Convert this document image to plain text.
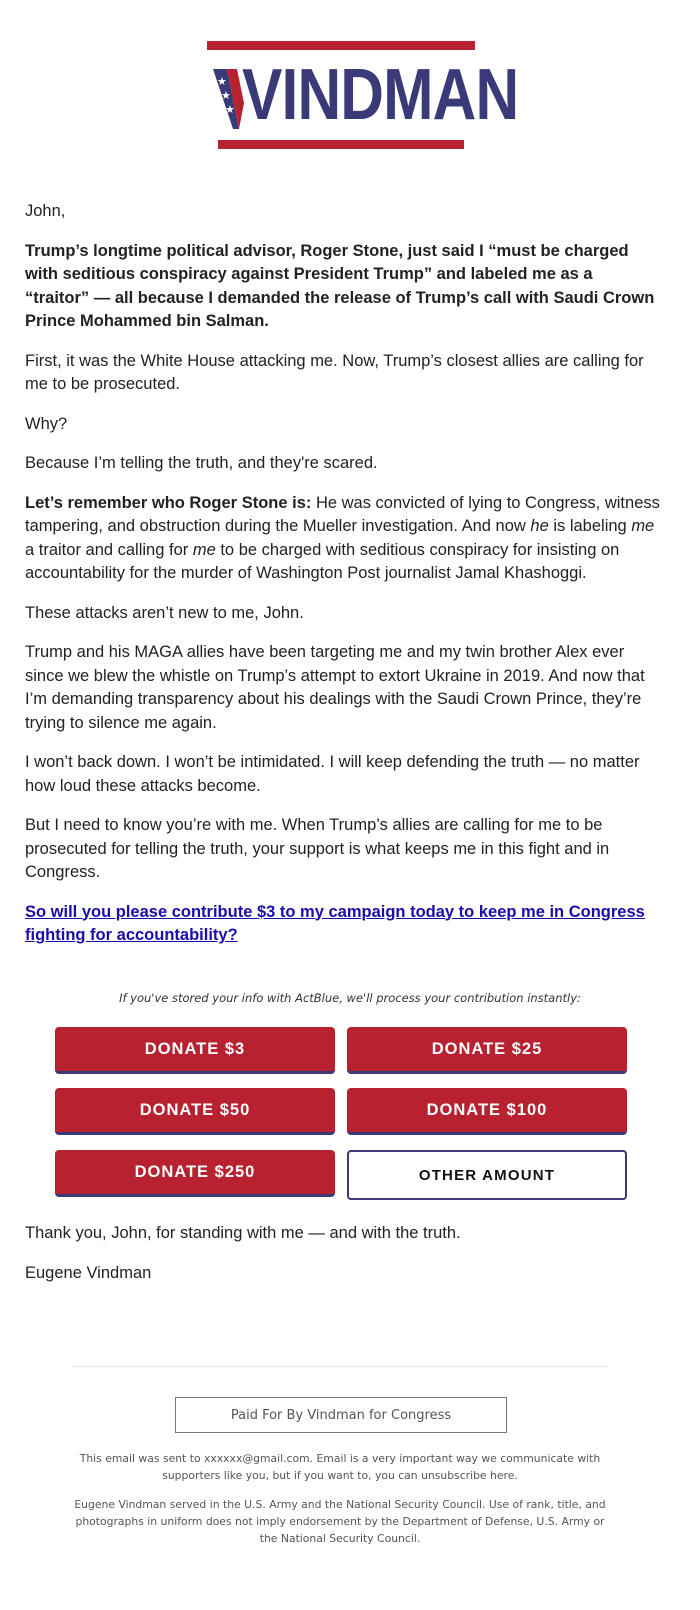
★
★
★ VINDMAN

John,

Trump’s longtime political advisor, Roger Stone, just said I “must be charged with seditious conspiracy against President Trump” and labeled me as a “traitor” — all because I demanded the release of Trump’s call with Saudi Crown Prince Mohammed bin Salman.

First, it was the White House attacking me. Now, Trump’s closest allies are calling for me to be prosecuted.

Why?

Because I’m telling the truth, and they're scared.

Let’s remember who Roger Stone is: He was convicted of lying to Congress, witness tampering, and obstruction during the Mueller investigation. And now he is labeling me a traitor and calling for me to be charged with seditious conspiracy for insisting on accountability for the murder of Washington Post journalist Jamal Khashoggi.

These attacks aren’t new to me, John.

Trump and his MAGA allies have been targeting me and my twin brother Alex ever since we blew the whistle on Trump’s attempt to extort Ukraine in 2019. And now that I’m demanding transparency about his dealings with the Saudi Crown Prince, they’re trying to silence me again.

I won’t back down. I won’t be intimidated. I will keep defending the truth — no matter how loud these attacks become.

But I need to know you’re with me. When Trump’s allies are calling for me to be prosecuted for telling the truth, your support is what keeps me in this fight and in Congress.

So will you please contribute $3 to my campaign today to keep me in Congress fighting for accountability?

If you've stored your info with ActBlue, we'll process your contribution instantly:
DONATE $3	DONATE $25
DONATE $50	DONATE $100
DONATE $250	OTHER AMOUNT

Thank you, John, for standing with me — and with the truth.

Eugene Vindman

Paid For By Vindman for Congress
This email was sent to xxxxxx@gmail.com. Email is a very important way we communicate with supporters like you, but if you want to, you can unsubscribe here.
Eugene Vindman served in the U.S. Army and the National Security Council. Use of rank, title, and photographs in uniform does not imply endorsement by the Department of Defense, U.S. Army or the National Security Council.
